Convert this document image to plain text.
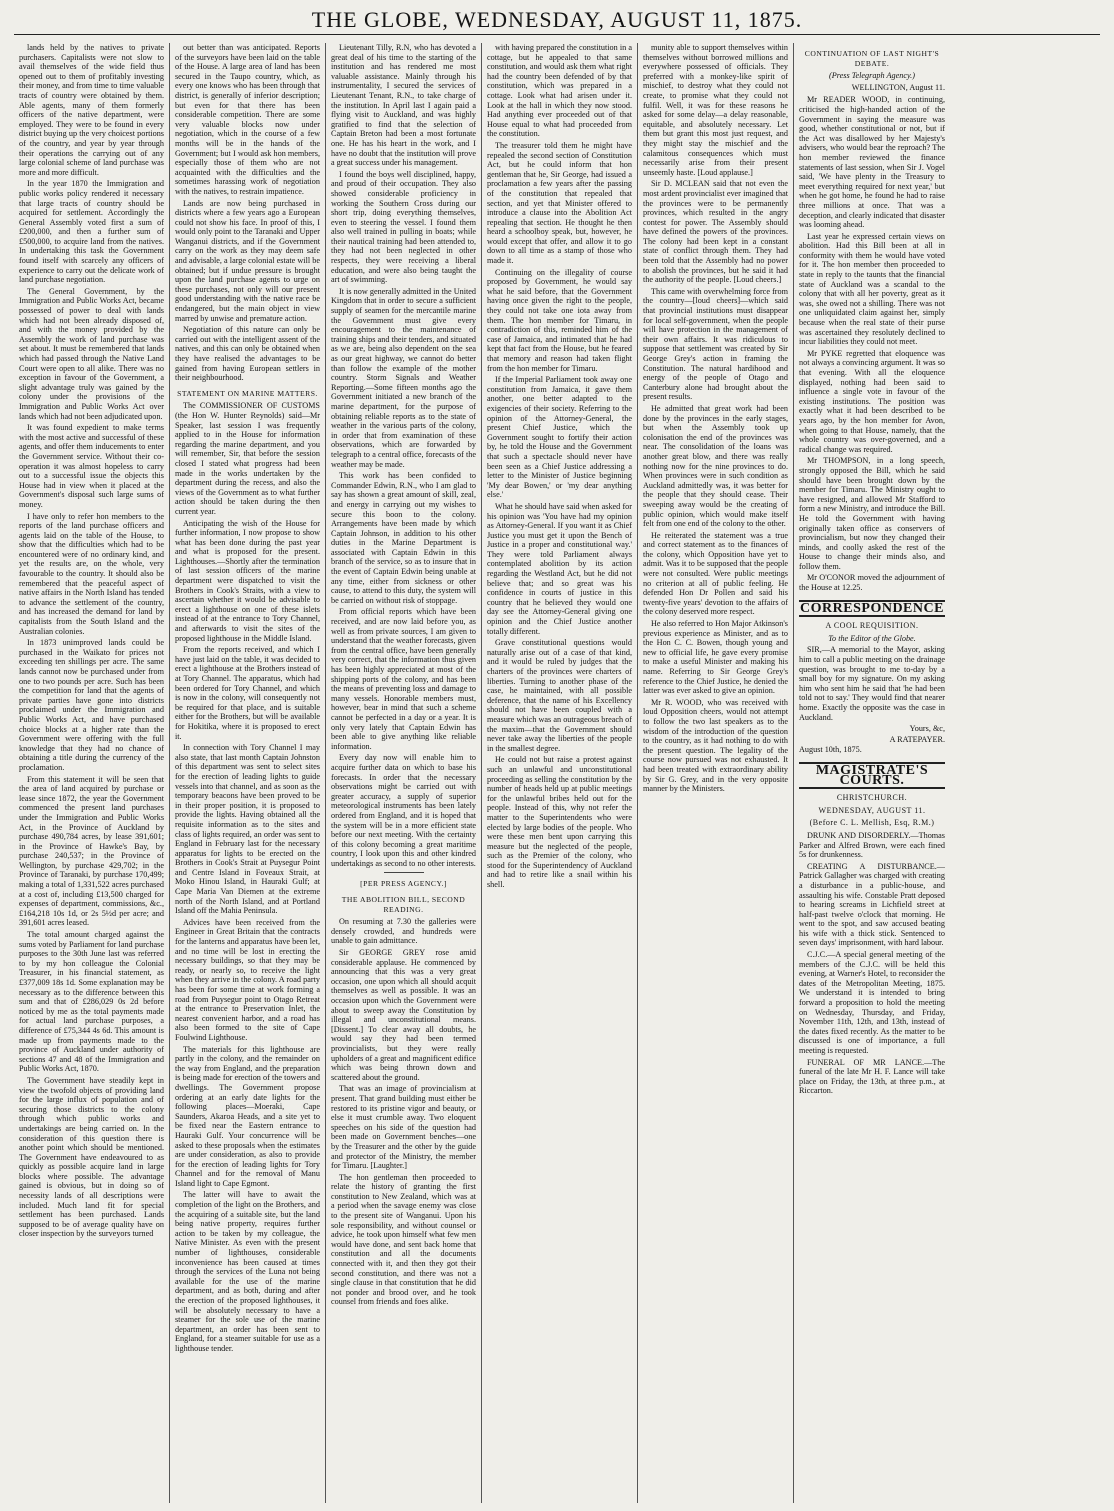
THE GLOBE, WEDNESDAY, AUGUST 11, 1875.

lands held by the natives to private purchasers. Capitalists were not slow to avail themselves of the wide field thus opened out to them of profitably investing their money, and from time to time valuable tracts of country were obtained by them. Able agents, many of them formerly officers of the native department, were employed. They were to be found in every district buying up the very choicest portions of the country, and year by year through their operations the carrying out of any large colonial scheme of land purchase was more and more difficult.

In the year 1870 the Immigration and public works policy rendered it necessary that large tracts of country should be acquired for settlement. Accordingly the General Assembly voted first a sum of £200,000, and then a further sum of £500,000, to acquire land from the natives. In undertaking this task the Government found itself with scarcely any officers of experience to carry out the delicate work of land purchase negotiation.

The General Government, by the Immigration and Public Works Act, became possessed of power to deal with lands which had not been already disposed of, and with the money provided by the Assembly the work of land purchase was set about. It must be remembered that lands which had passed through the Native Land Court were open to all alike. There was no exception in favour of the Government, a slight advantage truly was gained by the colony under the provisions of the Immigration and Public Works Act over lands which had not been adjudicated upon.

It was found expedient to make terms with the most active and successful of these agents, and offer them inducements to enter the Government service. Without their co-operation it was almost hopeless to carry out to a successful issue the objects this House had in view when it placed at the Government's disposal such large sums of money.

I have only to refer hon members to the reports of the land purchase officers and agents laid on the table of the House, to show that the difficulties which had to be encountered were of no ordinary kind, and yet the results are, on the whole, very favourable to the country. It should also be remembered that the peaceful aspect of native affairs in the North Island has tended to advance the settlement of the country, and has increased the demand for land by capitalists from the South Island and the Australian colonies.

In 1873 unimproved lands could be purchased in the Waikato for prices not exceeding ten shillings per acre. The same lands cannot now be purchased under from one to two pounds per acre. Such has been the competition for land that the agents of private parties have gone into districts proclaimed under the Immigration and Public Works Act, and have purchased choice blocks at a higher rate than the Government were offering with the full knowledge that they had no chance of obtaining a title during the currency of the proclamation.

From this statement it will be seen that the area of land acquired by purchase or lease since 1872, the year the Government commenced the present land purchases under the Immigration and Public Works Act, in the Province of Auckland by purchase 490,784 acres, by lease 391,601; in the Province of Hawke's Bay, by purchase 240,537; in the Province of Wellington, by purchase 429,702; in the Province of Taranaki, by purchase 170,499; making a total of 1,331,522 acres purchased at a cost of, including £13,500 charged for expenses of department, commissions, &c., £164,218 10s 1d, or 2s 5½d per acre; and 391,601 acres leased.

The total amount charged against the sums voted by Parliament for land purchase purposes to the 30th June last was referred to by my hon colleague the Colonial Treasurer, in his financial statement, as £377,009 18s 1d. Some explanation may be necessary as to the difference between this sum and that of £286,029 0s 2d before noticed by me as the total payments made for actual land purchase purposes, a difference of £75,344 4s 6d. This amount is made up from payments made to the province of Auckland under authority of sections 47 and 48 of the Immigration and Public Works Act, 1870.

The Government have steadily kept in view the twofold objects of providing land for the large influx of population and of securing those districts to the colony through which public works and undertakings are being carried on. In the consideration of this question there is another point which should be mentioned. The Government have endeavoured to as quickly as possible acquire land in large blocks where possible. The advantage gained is obvious, but in doing so of necessity lands of all descriptions were included. Much land fit for special settlement has been purchased. Lands supposed to be of average quality have on closer inspection by the surveyors turned

out better than was anticipated. Reports of the surveyors have been laid on the table of the House. A large area of land has been secured in the Taupo country, which, as every one knows who has been through that district, is generally of inferior description; but even for that there has been considerable competition. There are some very valuable blocks now under negotiation, which in the course of a few months will be in the hands of the Government; but I would ask hon members, especially those of them who are not acquainted with the difficulties and the sometimes harassing work of negotiation with the natives, to restrain impatience.

Lands are now being purchased in districts where a few years ago a European could not show his face. In proof of this, I would only point to the Taranaki and Upper Wanganui districts, and if the Government carry on the work as they may deem safe and advisable, a large colonial estate will be obtained; but if undue pressure is brought upon the land purchase agents to urge on these purchases, not only will our present good understanding with the native race be endangered, but the main object in view marred by unwise and premature action.

Negotiation of this nature can only be carried out with the intelligent assent of the natives, and this can only be obtained when they have realised the advantages to be gained from having European settlers in their neighbourhood.

STATEMENT ON MARINE MATTERS.

The COMMISSIONER OF CUSTOMS (the Hon W. Hunter Reynolds) said—Mr Speaker, last session I was frequently applied to in the House for information regarding the marine department, and you will remember, Sir, that before the session closed I stated what progress had been made in the works undertaken by the department during the recess, and also the views of the Government as to what further action should be taken during the then current year.

Anticipating the wish of the House for further information, I now propose to show what has been done during the past year and what is proposed for the present. Lighthouses.—Shortly after the termination of last session officers of the marine department were dispatched to visit the Brothers in Cook's Straits, with a view to ascertain whether it would be advisable to erect a lighthouse on one of these islets instead of at the entrance to Tory Channel, and afterwards to visit the sites of the proposed lighthouse in the Middle Island.

From the reports received, and which I have just laid on the table, it was decided to erect a lighthouse at the Brothers instead of at Tory Channel. The apparatus, which had been ordered for Tory Channel, and which is now in the colony, will consequently not be required for that place, and is suitable either for the Brothers, but will be available for Hokitika, where it is proposed to erect it.

In connection with Tory Channel I may also state, that last month Captain Johnston of this department was sent to select sites for the erection of leading lights to guide vessels into that channel, and as soon as the temporary beacons have been proved to be in their proper position, it is proposed to provide the lights. Having obtained all the requisite information as to the sites and class of lights required, an order was sent to England in February last for the necessary apparatus for lights to be erected on the Brothers in Cook's Strait at Puysegur Point and Centre Island in Foveaux Strait, at Moko Hinou Island, in Hauraki Gulf; at Cape Maria Van Diemen at the extreme north of the North Island, and at Portland Island off the Mahia Peninsula.

Advices have been received from the Engineer in Great Britain that the contracts for the lanterns and apparatus have been let, and no time will be lost in erecting the necessary buildings, so that they may be ready, or nearly so, to receive the light when they arrive in the colony. A road party has been for some time at work forming a road from Puysegur point to Otago Retreat at the entrance to Preservation Inlet, the nearest convenient harbor, and a road has also been formed to the site of Cape Foulwind Lighthouse.

The materials for this lighthouse are partly in the colony, and the remainder on the way from England, and the preparation is being made for erection of the towers and dwellings. The Government propose ordering at an early date lights for the following places—Moeraki, Cape Saunders, Akaroa Heads, and a site yet to be fixed near the Eastern entrance to Hauraki Gulf. Your concurrence will be asked to these proposals when the estimates are under consideration, as also to provide for the erection of leading lights for Tory Channel and for the removal of Manu Island light to Cape Egmont.

The latter will have to await the completion of the light on the Brothers, and the acquiring of a suitable site, but the land being native property, requires further action to be taken by my colleague, the Native Minister. As even with the present number of lighthouses, considerable inconvenience has been caused at times through the services of the Luna not being available for the use of the marine department, and as both, during and after the erection of the proposed lighthouses, it will be absolutely necessary to have a steamer for the sole use of the marine department, an order has been sent to England, for a steamer suitable for use as a lighthouse tender.

Lieutenant Tilly, R.N, who has devoted a great deal of his time to the starting of the institution and has rendered me most valuable assistance. Mainly through his instrumentality, I secured the services of Lieutenant Tenant, R.N., to take charge of the institution. In April last I again paid a flying visit to Auckland, and was highly gratified to find that the selection of Captain Breton had been a most fortunate one. He has his heart in the work, and I have no doubt that the institution will prove a great success under his management.

I found the boys well disciplined, happy, and proud of their occupation. They also showed considerable proficiency in working the Southern Cross during our short trip, doing everything themselves, even to steering the vessel. I found them also well trained in pulling in boats; while their nautical training had been attended to, they had not been neglected in other respects, they were receiving a liberal education, and were also being taught the art of swimming.

It is now generally admitted in the United Kingdom that in order to secure a sufficient supply of seamen for the mercantile marine the Government must give every encouragement to the maintenance of training ships and their tenders, and situated as we are, being also dependent on the sea as our great highway, we cannot do better than follow the example of the mother country. Storm Signals and Weather Reporting.—Some fifteen months ago the Government initiated a new branch of the marine department, for the purpose of obtaining reliable reports as to the state of weather in the various parts of the colony, in order that from examination of these observations, which are forwarded by telegraph to a central office, forecasts of the weather may be made.

This work has been confided to Commander Edwin, R.N., who I am glad to say has shown a great amount of skill, zeal, and energy in carrying out my wishes to secure this boon to the colony. Arrangements have been made by which Captain Johnson, in addition to his other duties in the Marine Department is associated with Captain Edwin in this branch of the service, so as to insure that in the event of Captain Edwin being unable at any time, either from sickness or other cause, to attend to this duty, the system will be carried on without risk of stoppage.

From official reports which have been received, and are now laid before you, as well as from private sources, I am given to understand that the weather forecasts, given from the central office, have been generally very correct, that the information thus given has been highly appreciated at most of the shipping ports of the colony, and has been the means of preventing loss and damage to many vessels. Honorable members must, however, bear in mind that such a scheme cannot be perfected in a day or a year. It is only very lately that Captain Edwin has been able to give anything like reliable information.

Every day now will enable him to acquire further data on which to base his forecasts. In order that the necessary observations might be carried out with greater accuracy, a supply of superior meteorological instruments has been lately ordered from England, and it is hoped that the system will be in a more efficient state before our next meeting. With the certainty of this colony becoming a great maritime country, I look upon this and other kindred undertakings as second to no other interests.

[PER PRESS AGENCY.]
THE ABOLITION BILL, SECOND READING.

On resuming at 7.30 the galleries were densely crowded, and hundreds were unable to gain admittance.

Sir GEORGE GREY rose amid considerable applause. He commenced by announcing that this was a very great occasion, one upon which all should acquit themselves as well as possible. It was an occasion upon which the Government were about to sweep away the Constitution by illegal and unconstitutional means. [Dissent.] To clear away all doubts, he would say they had been termed provincialists, but they were really upholders of a great and magnificent edifice which was being thrown down and scattered about the ground.

That was an image of provincialism at present. That grand building must either be restored to its pristine vigor and beauty, or else it must crumble away. Two eloquent speeches on his side of the question had been made on Government benches—one by the Treasurer and the other by the guide and protector of the Ministry, the member for Timaru. [Laughter.]

The hon gentleman then proceeded to relate the history of granting the first constitution to New Zealand, which was at a period when the savage enemy was close to the present site of Wanganui. Upon his sole responsibility, and without counsel or advice, he took upon himself what few men would have done, and sent back home that constitution and all the documents connected with it, and then they got their second constitution, and there was not a single clause in that constitution that he did not ponder and brood over, and he took counsel from friends and foes alike.

with having prepared the constitution in a cottage, but he appealed to that same constitution, and would ask them what right had the country been defended of by that constitution, which was prepared in a cottage. Look what had arisen under it. Look at the hall in which they now stood. Had anything ever proceeded out of that House equal to what had proceeded from the constitution.

The treasurer told them he might have repealed the second section of Constitution Act, but he could inform that hon gentleman that he, Sir George, had issued a proclamation a few years after the passing of the constitution that repealed that section, and yet that Minister offered to introduce a clause into the Abolition Act repealing that section. He thought he then heard a schoolboy speak, but, however, he would except that offer, and allow it to go down to all time as a stamp of those who made it.

Continuing on the illegality of course proposed by Government, he would say what he said before, that the Government having once given the right to the people, they could not take one iota away from them. The hon member for Timaru, in contradiction of this, reminded him of the case of Jamaica, and intimated that he had kept that fact from the House, but he feared that memory and reason had taken flight from the hon member for Timaru.

If the Imperial Parliament took away one constitution from Jamaica, it gave them another, one better adapted to the exigencies of their society. Referring to the opinion of the Attorney-General, the present Chief Justice, which the Government sought to fortify their action by, he told the House and the Government that such a spectacle should never have been seen as a Chief Justice addressing a letter to the Minister of Justice beginning 'My dear Bowen,' or 'my dear anything else.'

What he should have said when asked for his opinion was 'You have had my opinion as Attorney-General. If you want it as Chief Justice you must get it upon the Bench of Justice in a proper and constitutional way.' They were told Parliament always contemplated abolition by its action regarding the Westland Act, but he did not believe that; and so great was his confidence in courts of justice in this country that he believed they would one day see the Attorney-General giving one opinion and the Chief Justice another totally different.

Grave constitutional questions would naturally arise out of a case of that kind, and it would be ruled by judges that the charters of the provinces were charters of liberties. Turning to another phase of the case, he maintained, with all possible deference, that the name of his Excellency should not have been coupled with a measure which was an outrageous breach of the maxim—that the Government should never take away the liberties of the people in the smallest degree.

He could not but raise a protest against such an unlawful and unconstitutional proceeding as selling the constitution by the number of heads held up at public meetings for the unlawful bribes held out for the people. Instead of this, why not refer the matter to the Superintendents who were elected by large bodies of the people. Who were these men bent upon carrying this measure but the neglected of the people, such as the Premier of the colony, who stood for the Superintendency of Auckland and had to retire like a snail within his shell.

munity able to support themselves within themselves without borrowed millions and everywhere possessed of officials. They preferred with a monkey-like spirit of mischief, to destroy what they could not create, to promise what they could not fulfil. Well, it was for these reasons he asked for some delay—a delay reasonable, equitable, and absolutely necessary. Let them but grant this most just request, and they might stay the mischief and the calamitous consequences which must necessarily arise from their present unseemly haste. [Loud applause.]

Sir D. MCLEAN said that not even the most ardent provincialist ever imagined that the provinces were to be permanently provinces, which resulted in the angry contest for power. The Assembly should have defined the powers of the provinces. The colony had been kept in a constant state of conflict through them. They had been told that the Assembly had no power to abolish the provinces, but he said it had the authority of the people. [Loud cheers.]

This came with overwhelming force from the country—[loud cheers]—which said that provincial institutions must disappear for local self-government, when the people will have protection in the management of their own affairs. It was ridiculous to suppose that settlement was created by Sir George Grey's action in framing the Constitution. The natural hardihood and energy of the people of Otago and Canterbury alone had brought about the present results.

He admitted that great work had been done by the provinces in the early stages, but when the Assembly took up colonisation the end of the provinces was near. The consolidation of the loans was another great blow, and there was really nothing now for the nine provinces to do. When provinces were in such condition as Auckland admittedly was, it was better for the people that they should cease. Their sweeping away would be the creating of public opinion, which would make itself felt from one end of the colony to the other.

He reiterated the statement was a true and correct statement as to the finances of the colony, which Opposition have yet to admit. Was it to be supposed that the people were not consulted. Were public meetings no criterion at all of public feeling. He defended Hon Dr Pollen and said his twenty-five years' devotion to the affairs of the colony deserved more respect.

He also referred to Hon Major Atkinson's previous experience as Minister, and as to the Hon C. C. Bowen, though young and new to official life, he gave every promise to make a useful Minister and making his name. Referring to Sir George Grey's reference to the Chief Justice, he denied the latter was ever asked to give an opinion.

Mr R. WOOD, who was received with loud Opposition cheers, would not attempt to follow the two last speakers as to the wisdom of the introduction of the question to the country, as it had nothing to do with the present question. The legality of the course now pursued was not exhausted. It had been treated with extraordinary ability by Sir G. Grey, and in the very opposite manner by the Ministers.

CONTINUATION OF LAST NIGHT'S DEBATE.
(Press Telegraph Agency.)
WELLINGTON, August 11.

Mr READER WOOD, in continuing, criticised the high-handed action of the Government in saying the measure was good, whether constitutional or not, but if the Act was disallowed by her Majesty's advisers, who would bear the reproach? The hon member reviewed the finance statements of last session, when Sir J. Vogel said, 'We have plenty in the Treasury to meet everything required for next year,' but when he got home, he found he had to raise three millions at once. That was a deception, and clearly indicated that disaster was looming ahead.

Last year he expressed certain views on abolition. Had this Bill been at all in conformity with them he would have voted for it. The hon member then proceeded to state in reply to the taunts that the financial state of Auckland was a scandal to the colony that with all her poverty, great as it was, she owed not a shilling. There was not one unliquidated claim against her, simply because when the real state of their purse was ascertained they resolutely declined to incur liabilities they could not meet.

Mr PYKE regretted that eloquence was not always a convincing argument. It was so that evening. With all the eloquence displayed, nothing had been said to influence a single vote in favour of the existing institutions. The position was exactly what it had been described to be years ago, by the hon member for Avon, when going to that House, namely, that the whole country was over-governed, and a radical change was required.

Mr THOMPSON, in a long speech, strongly opposed the Bill, which he said should have been brought down by the member for Timaru. The Ministry ought to have resigned, and allowed Mr Stafford to form a new Ministry, and introduce the Bill. He told the Government with having originally taken office as conservers of provincialism, but now they changed their minds, and coolly asked the rest of the House to change their minds also, and follow them.

Mr O'CONOR moved the adjournment of the House at 12.25.

CORRESPONDENCE
A COOL REQUISITION.
To the Editor of the Globe.

SIR,—A memorial to the Mayor, asking him to call a public meeting on the drainage question, was brought to me to-day by a small boy for my signature. On my asking him who sent him he said that 'he had been told not to say.' They would find that nearer home. Exactly the opposite was the case in Auckland.

Yours, &c,
A RATEPAYER.
August 10th, 1875.
MAGISTRATE'S COURTS.
CHRISTCHURCH.
WEDNESDAY, AUGUST 11.
(Before C. L. Mellish, Esq, R.M.)

DRUNK AND DISORDERLY.—Thomas Parker and Alfred Brown, were each fined 5s for drunkenness.

CREATING A DISTURBANCE.—Patrick Gallagher was charged with creating a disturbance in a public-house, and assaulting his wife. Constable Pratt deposed to hearing screams in Lichfield street at half-past twelve o'clock that morning. He went to the spot, and saw accused beating his wife with a thick stick. Sentenced to seven days' imprisonment, with hard labour.

C.J.C.—A special general meeting of the members of the C.J.C. will be held this evening, at Warner's Hotel, to reconsider the dates of the Metropolitan Meeting, 1875. We understand it is intended to bring forward a proposition to hold the meeting on Wednesday, Thursday, and Friday, November 11th, 12th, and 13th, instead of the dates fixed recently. As the matter to be discussed is one of importance, a full meeting is requested.

FUNERAL OF MR LANCE.—The funeral of the late Mr H. F. Lance will take place on Friday, the 13th, at three p.m., at Riccarton.
